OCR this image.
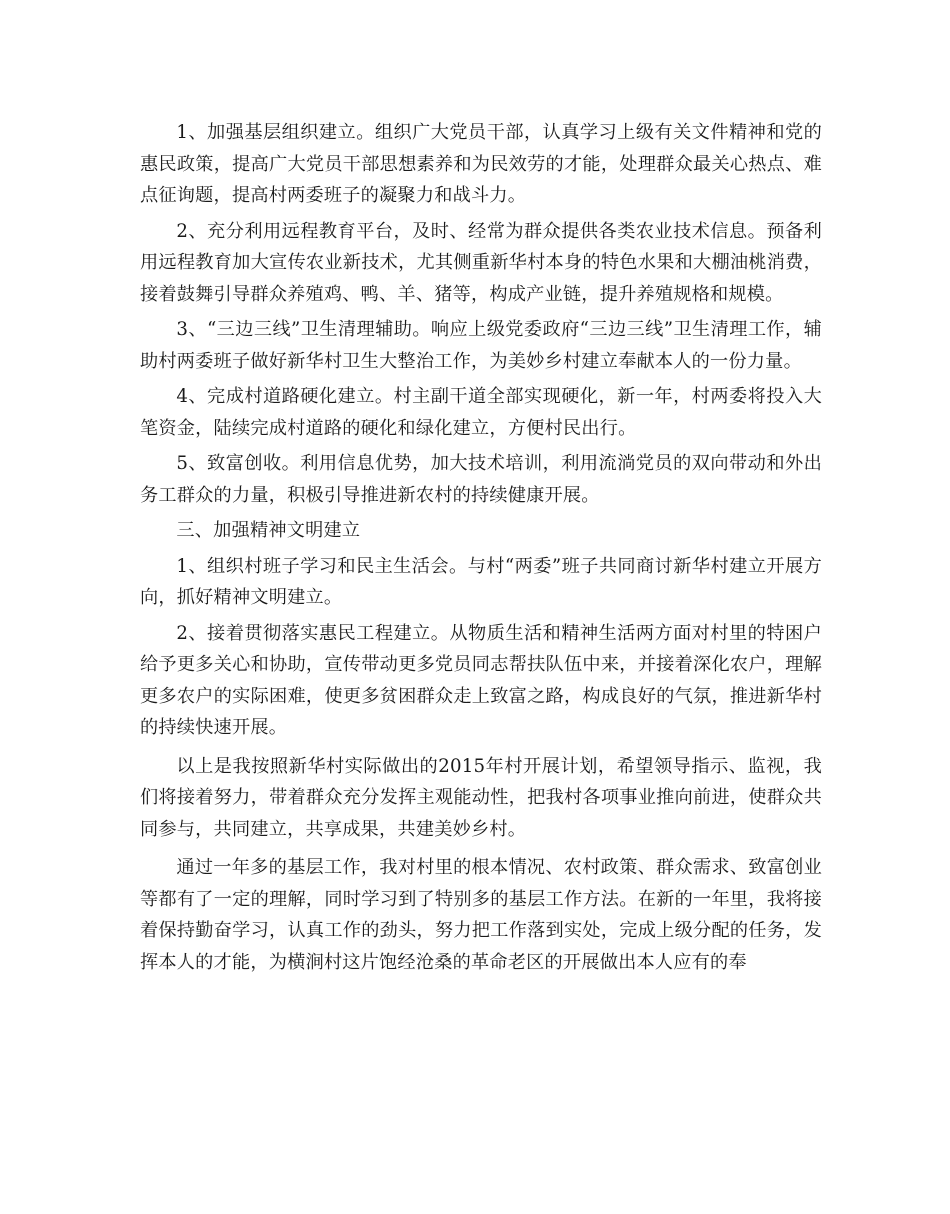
1、加强基层组织建立。组织广大党员干部，认真学习上级有关文件精神和党的惠民政策，提高广大党员干部思想素养和为民效劳的才能，处理群众最关心热点、难点征询题，提高村两委班子的凝聚力和战斗力。

2、充分利用远程教育平台，及时、经常为群众提供各类农业技术信息。预备利用远程教育加大宣传农业新技术，尤其侧重新华村本身的特色水果和大棚油桃消费，接着鼓舞引导群众养殖鸡、鸭、羊、猪等，构成产业链，提升养殖规格和规模。

3、“三边三线”卫生清理辅助。响应上级党委政府“三边三线”卫生清理工作，辅助村两委班子做好新华村卫生大整治工作，为美妙乡村建立奉献本人的一份力量。

4、完成村道路硬化建立。村主副干道全部实现硬化，新一年，村两委将投入大笔资金，陆续完成村道路的硬化和绿化建立，方便村民出行。

5、致富创收。利用信息优势，加大技术培训，利用流淌党员的双向带动和外出务工群众的力量，积极引导推进新农村的持续健康开展。

三、加强精神文明建立

1、组织村班子学习和民主生活会。与村“两委”班子共同商讨新华村建立开展方向，抓好精神文明建立。

2、接着贯彻落实惠民工程建立。从物质生活和精神生活两方面对村里的特困户给予更多关心和协助，宣传带动更多党员同志帮扶队伍中来，并接着深化农户，理解更多农户的实际困难，使更多贫困群众走上致富之路，构成良好的气氛，推进新华村的持续快速开展。

以上是我按照新华村实际做出的2015年村开展计划，希望领导指示、监视，我们将接着努力，带着群众充分发挥主观能动性，把我村各项事业推向前进，使群众共同参与，共同建立，共享成果，共建美妙乡村。

通过一年多的基层工作，我对村里的根本情况、农村政策、群众需求、致富创业等都有了一定的理解，同时学习到了特别多的基层工作方法。在新的一年里，我将接着保持勤奋学习，认真工作的劲头，努力把工作落到实处，完成上级分配的任务，发挥本人的才能，为横涧村这片饱经沧桑的革命老区的开展做出本人应有的奉
